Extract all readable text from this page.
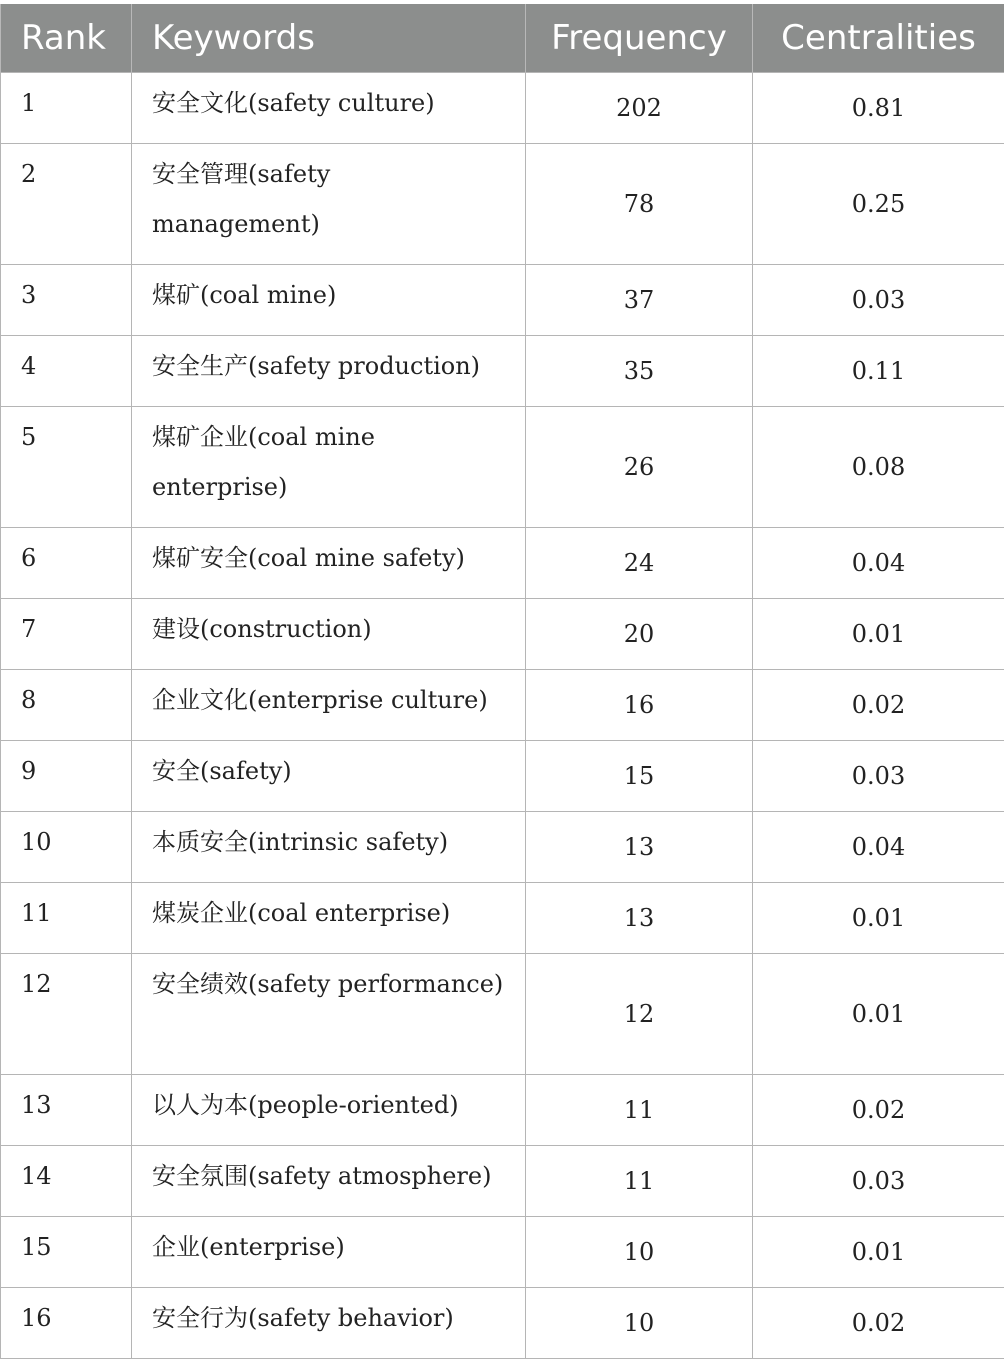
Rank	Keywords	Frequency	Centralities
1	安全文化(safety culture)	202	0.81
2	安全管理(safety management)	78	0.25
3	煤矿(coal mine)	37	0.03
4	安全生产(safety production)	35	0.11
5	煤矿企业(coal mine enterprise)	26	0.08
6	煤矿安全(coal mine safety)	24	0.04
7	建设(construction)	20	0.01
8	企业文化(enterprise culture)	16	0.02
9	安全(safety)	15	0.03
10	本质安全(intrinsic safety)	13	0.04
11	煤炭企业(coal enterprise)	13	0.01
12	安全绩效(safety performance)	12	0.01
13	以人为本(people-oriented)	11	0.02
14	安全氛围(safety atmosphere)	11	0.03
15	企业(enterprise)	10	0.01
16	安全行为(safety behavior)	10	0.02
